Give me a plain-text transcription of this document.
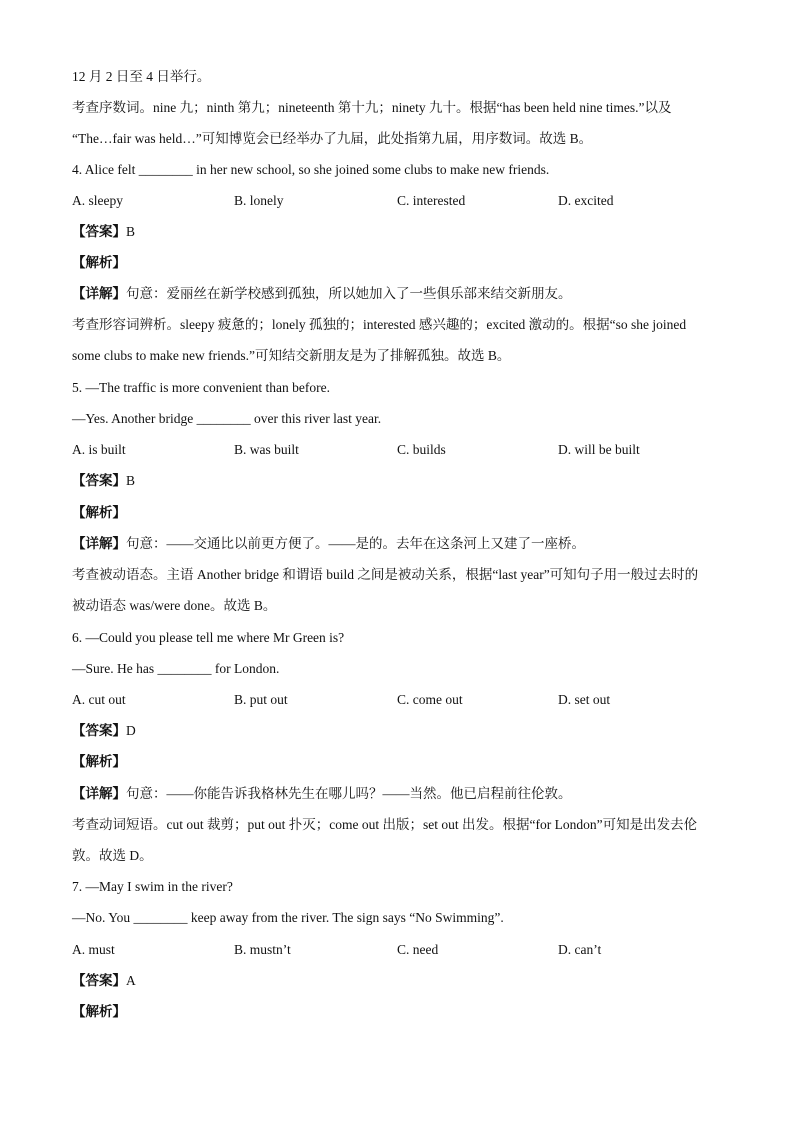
12 月 2 日至 4 日举行。
考查序数词。nine 九；ninth 第九；nineteenth 第十九；ninety 九十。根据“has been held nine times.”以及
“The…fair was held…”可知博览会已经举办了九届，此处指第九届，用序数词。故选 B。
4. Alice felt ________ in her new school, so she joined some clubs to make new friends.
A. sleepy	B. lonely	C. interested	D. excited
【答案】B
【解析】
【详解】句意：爱丽丝在新学校感到孤独，所以她加入了一些俱乐部来结交新朋友。
考查形容词辨析。sleepy 疲惫的；lonely 孤独的；interested 感兴趣的；excited 激动的。根据“so she joined
some clubs to make new friends.”可知结交新朋友是为了排解孤独。故选 B。
5. —The traffic is more convenient than before.
—Yes. Another bridge ________ over this river last year.
A. is built	B. was built	C. builds	D. will be built
【答案】B
【解析】
【详解】句意：——交通比以前更方便了。——是的。去年在这条河上又建了一座桥。
考查被动语态。主语 Another bridge 和谓语 build 之间是被动关系，根据“last year”可知句子用一般过去时的
被动语态 was/were done。故选 B。
6. —Could you please tell me where Mr Green is?
—Sure. He has ________ for London.
A. cut out	B. put out	C. come out	D. set out
【答案】D
【解析】
【详解】句意：——你能告诉我格林先生在哪儿吗？——当然。他已启程前往伦敦。
考查动词短语。cut out 裁剪；put out 扑灭；come out 出版；set out 出发。根据“for London”可知是出发去伦
敦。故选 D。
7. —May I swim in the river?
—No. You ________ keep away from the river. The sign says “No Swimming”.
A. must	B. mustn’t	C. need	D. can’t
【答案】A
【解析】
